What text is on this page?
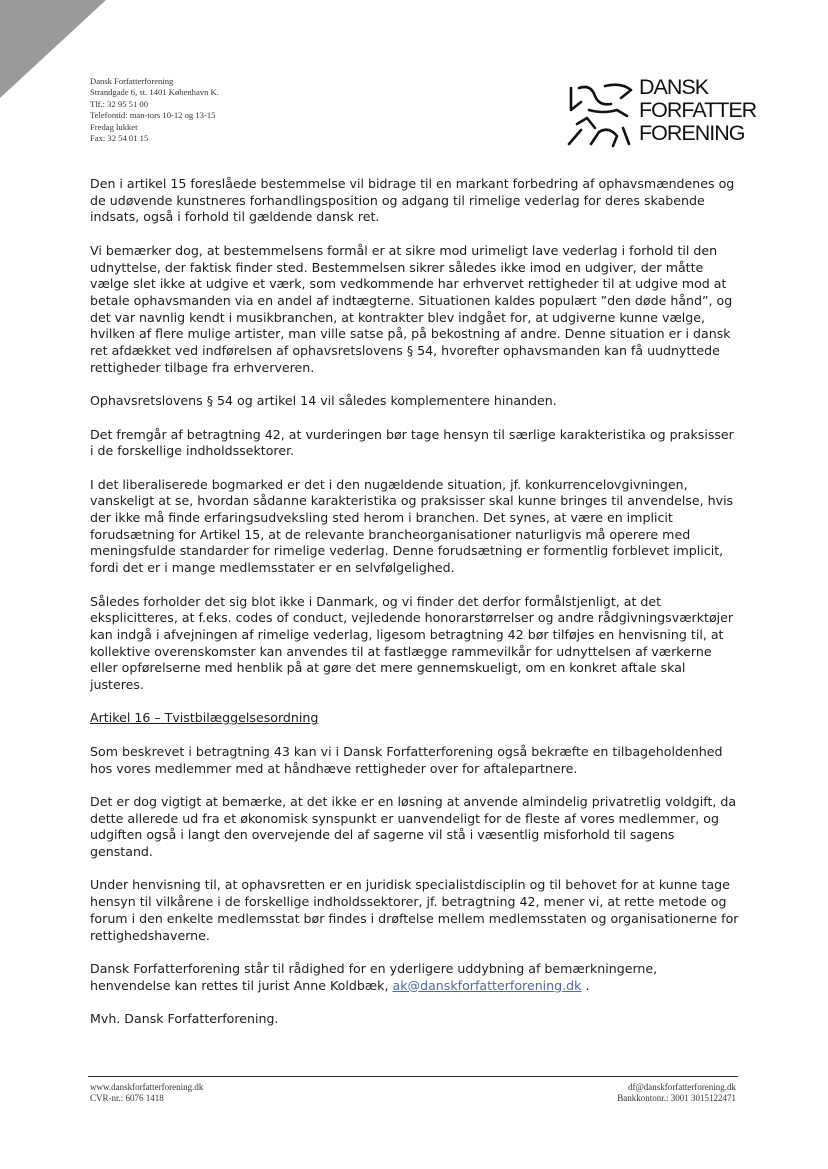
Dansk Forfatterforening
Strandgade 6, st. 1401 København K.
Tlf.: 32 95 51 00
Telefontid: man-tors 10-12 og 13-15
Fredag lukket
Fax: 32 54 01 15
DANSK
FORFATTER
FORENING

Den i artikel 15 foreslåede bestemmelse vil bidrage til en markant forbedring af ophavsmændenes og de udøvende kunstneres forhandlingsposition og adgang til rimelige vederlag for deres skabende indsats, også i forhold til gældende dansk ret.

Vi bemærker dog, at bestemmelsens formål er at sikre mod urimeligt lave vederlag i forhold til den udnyttelse, der faktisk finder sted. Bestemmelsen sikrer således ikke imod en udgiver, der måtte vælge slet ikke at udgive et værk, som vedkommende har erhvervet rettigheder til at udgive mod at betale ophavsmanden via en andel af indtægterne. Situationen kaldes populært ”den døde hånd”, og det var navnlig kendt i musikbranchen, at kontrakter blev indgået for, at udgiverne kunne vælge, hvilken af flere mulige artister, man ville satse på, på bekostning af andre. Denne situation er i dansk ret afdækket ved indførelsen af ophavsretslovens § 54, hvorefter ophavsmanden kan få uudnyttede rettigheder tilbage fra erhververen.

Ophavsretslovens § 54 og artikel 14 vil således komplementere hinanden.

Det fremgår af betragtning 42, at vurderingen bør tage hensyn til særlige karakteristika og praksisser i de forskellige indholdssektorer.

I det liberaliserede bogmarked er det i den nugældende situation, jf. konkurrencelovgivningen, vanskeligt at se, hvordan sådanne karakteristika og praksisser skal kunne bringes til anvendelse, hvis der ikke må finde erfaringsudveksling sted herom i branchen. Det synes, at være en implicit forudsætning for Artikel 15, at de relevante brancheorganisationer naturligvis må operere med meningsfulde standarder for rimelige vederlag. Denne forudsætning er formentlig forblevet implicit, fordi det er i mange medlemsstater er en selvfølgelighed.

Således forholder det sig blot ikke i Danmark, og vi finder det derfor formålstjenligt, at det eksplicitteres, at f.eks. codes of conduct, vejledende honorarstørrelser og andre rådgivningsværktøjer kan indgå i afvejningen af rimelige vederlag, ligesom betragtning 42 bør tilføjes en henvisning til, at kollektive overenskomster kan anvendes til at fastlægge rammevilkår for udnyttelsen af værkerne eller opførelserne med henblik på at gøre det mere gennemskueligt, om en konkret aftale skal justeres.

Artikel 16 – Tvistbilæggelsesordning

Som beskrevet i betragtning 43 kan vi i Dansk Forfatterforening også bekræfte en tilbageholdenhed hos vores medlemmer med at håndhæve rettigheder over for aftalepartnere.

Det er dog vigtigt at bemærke, at det ikke er en løsning at anvende almindelig privatretlig voldgift, da dette allerede ud fra et økonomisk synspunkt er uanvendeligt for de fleste af vores medlemmer, og udgiften også i langt den overvejende del af sagerne vil stå i væsentlig misforhold til sagens genstand.

Under henvisning til, at ophavsretten er en juridisk specialistdisciplin og til behovet for at kunne tage hensyn til vilkårene i de forskellige indholdssektorer, jf. betragtning 42, mener vi, at rette metode og forum i den enkelte medlemsstat bør findes i drøftelse mellem medlemsstaten og organisationerne for rettighedshaverne.

Dansk Forfatterforening står til rådighed for en yderligere uddybning af bemærkningerne, henvendelse kan rettes til jurist Anne Koldbæk, ak@danskforfatterforening.dk .

Mvh. Dansk Forfatterforening.

www.danskforfatterforening.dk
CVR-nr.: 6076 1418
df@danskforfatterforening.dk
Bankkontonr.: 3001 3015122471
